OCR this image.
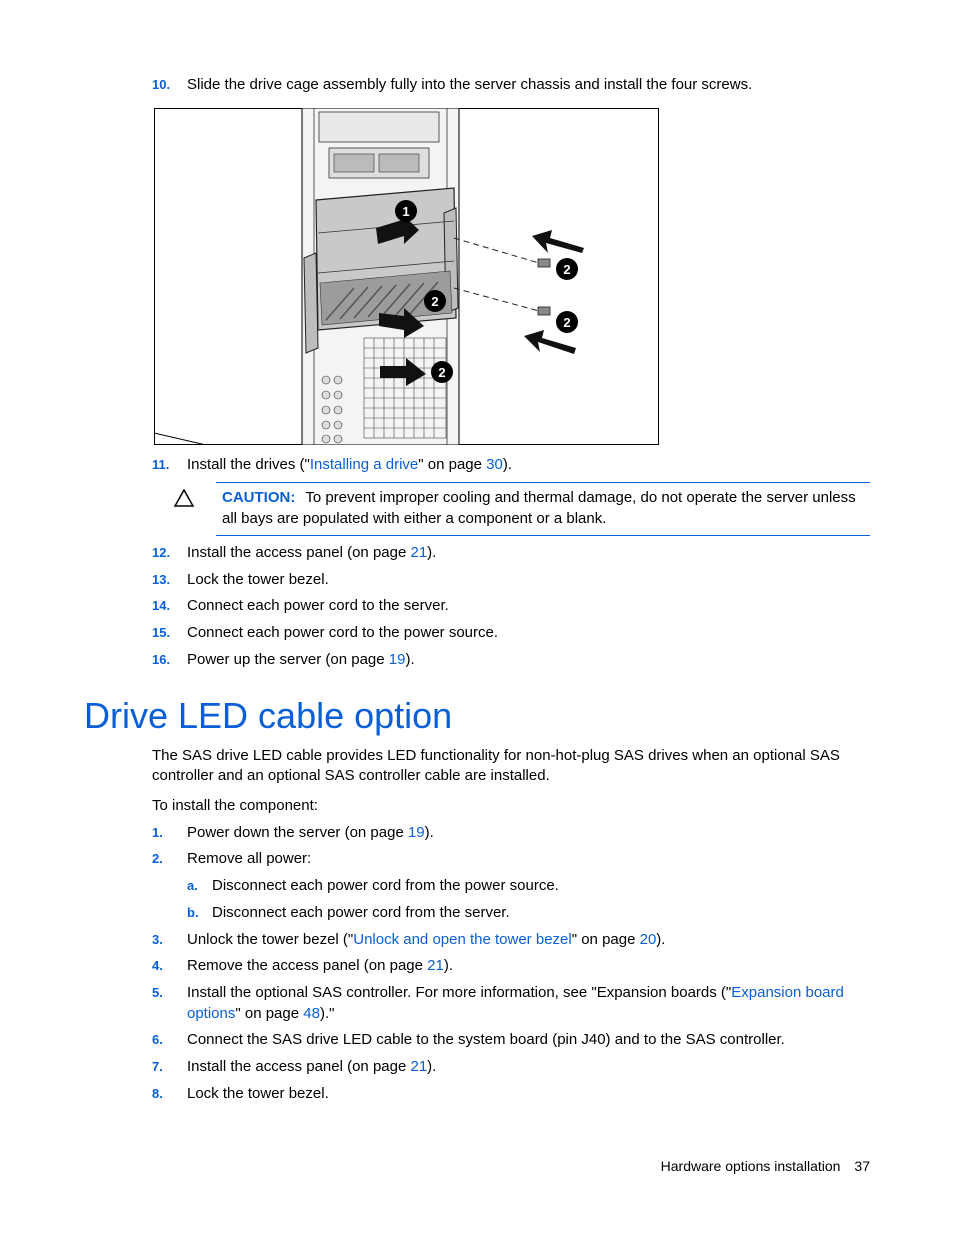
10. Slide the drive cage assembly fully into the server chassis and install the four screws.
1
2
2
2
2
11. Install the drives ("Installing a drive" on page 30).
CAUTION: To prevent improper cooling and thermal damage, do not operate the server unless all bays are populated with either a component or a blank.
12. Install the access panel (on page 21).
13. Lock the tower bezel.
14. Connect each power cord to the server.
15. Connect each power cord to the power source.
16. Power up the server (on page 19).
Drive LED cable option
The SAS drive LED cable provides LED functionality for non-hot-plug SAS drives when an optional SAS controller and an optional SAS controller cable are installed.
To install the component:
1. Power down the server (on page 19).
2. Remove all power:
a. Disconnect each power cord from the power source.
b. Disconnect each power cord from the server.
3. Unlock the tower bezel ("Unlock and open the tower bezel" on page 20).
4. Remove the access panel (on page 21).
5. Install the optional SAS controller. For more information, see "Expansion boards ("Expansion board
options" on page 48)."
6. Connect the SAS drive LED cable to the system board (pin J40) and to the SAS controller.
7. Install the access panel (on page 21).
8. Lock the tower bezel.
Hardware options installation 37
